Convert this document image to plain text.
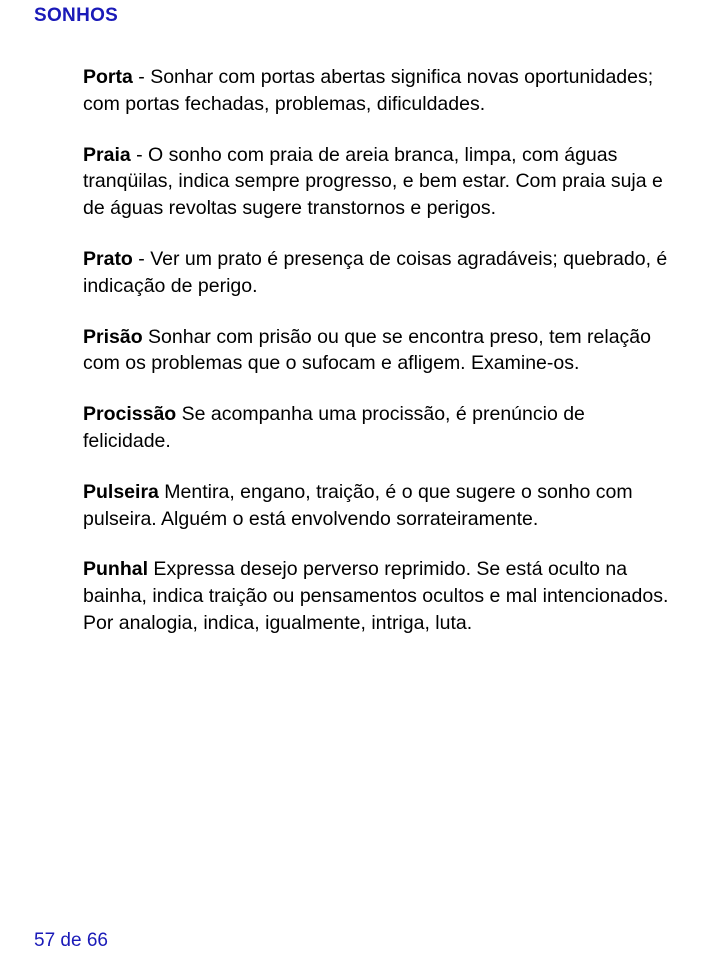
SONHOS
Porta - Sonhar com portas abertas significa novas oportunidades; com portas fechadas, problemas, dificuldades.
Praia - O sonho com praia de areia branca, limpa, com águas tranqüilas, indica sempre progresso, e bem estar. Com praia suja e de águas revoltas sugere transtornos e perigos.
Prato - Ver um prato é presença de coisas agradáveis; quebrado, é indicação de perigo.
Prisão Sonhar com prisão ou que se encontra preso, tem relação com os problemas que o sufocam e afligem. Examine-os.
Procissão Se acompanha uma procissão, é prenúncio de felicidade.
Pulseira Mentira, engano, traição, é o que sugere o sonho com pulseira. Alguém o está envolvendo sorrateiramente.
Punhal Expressa desejo perverso reprimido. Se está oculto na bainha, indica traição ou pensamentos ocultos e mal intencionados. Por analogia, indica, igualmente, intriga, luta.
57 de 66
